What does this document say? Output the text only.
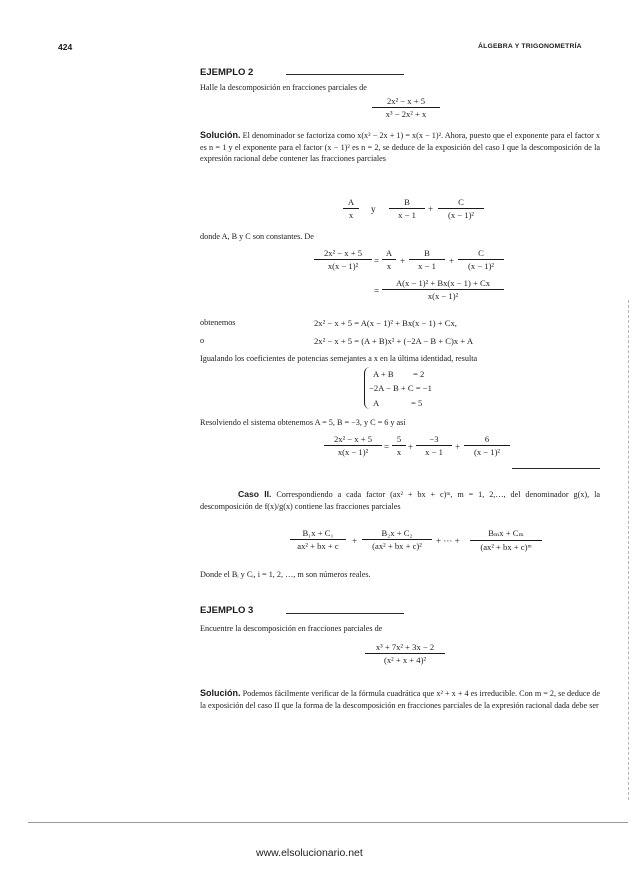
424	ÁLGEBRA Y TRIGONOMETRÍA
EJEMPLO 2
Halle la descomposición en fracciones parciales de
$\frac{\text{2x² − x + 5}}{\text{x³ − 2x² + x}}$
Solución. El denominador se factoriza como x(x² − 2x + 1) = x(x − 1)². Ahora, puesto que el exponente para el factor x es n = 1 y el exponente para el factor (x − 1)² es n = 2, se deduce de la exposición del caso I que la descomposición de la expresión racional debe contener las fracciones parciales
$\frac{A}{x}$ y $\frac{B}{x - 1} + \frac{C}{\text{(x − 1)²}}$
donde A, B y C son constantes. De
$\frac{\text{2x² − x + 5}}{\text{x(x − 1)²}} = \frac{A}{x} + \frac{B}{x - 1} + \frac{C}{\text{(x − 1)²}}$
= $\frac{\text{A(x − 1)² + Bx(x − 1) + Cx}}{\text{x(x − 1)²}}$
obtenemos	2x² − x + 5 = A(x − 1)² + Bx(x − 1) + Cx,
o	2x² − x + 5 = (A + B)x² + (−2A − B + C)x + A
Igualando los coeficientes de potencias semejantes a x en la última identidad, resulta
A + B         = 2
−2A − B + C = −1
A               = 5
Resolviendo el sistema obtenemos A = 5, B = −3, y C = 6 y así
$\frac{\text{2x² − x + 5}}{\text{x(x − 1)²}} = \frac{5}{x} + \frac{-3}{x - 1} + \frac{6}{\text{(x − 1)²}}$
Caso II. Correspondiendo a cada factor (ax² + bx + c)ᵐ, m = 1, 2,…, del denominador g(x), la descomposición de f(x)/g(x) contiene las fracciones parciales
$\frac{\text{B₁x + C₁}}{\text{ax² + bx + c}} + \frac{\text{B₂x + C₂}}{\text{(ax² + bx + c)²}}$ + ··· +
Bₘx + Cₘ
(ax² + bx + c)ᵐ
Donde el Bᵢ y Cᵢ, i = 1, 2, …, m son números reales.
EJEMPLO 3
Encuentre la descomposición en fracciones parciales de
$\frac{\text{x³ + 7x² + 3x − 2}}{\text{(x² + x + 4)²}}$
Solución. Podemos fácilmente verificar de la fórmula cuadrática que x² + x + 4 es irreducible. Con m = 2, se deduce de la exposición del caso II que la forma de la descomposición en fracciones parciales de la expresión racional dada debe ser
www.elsolucionario.net
